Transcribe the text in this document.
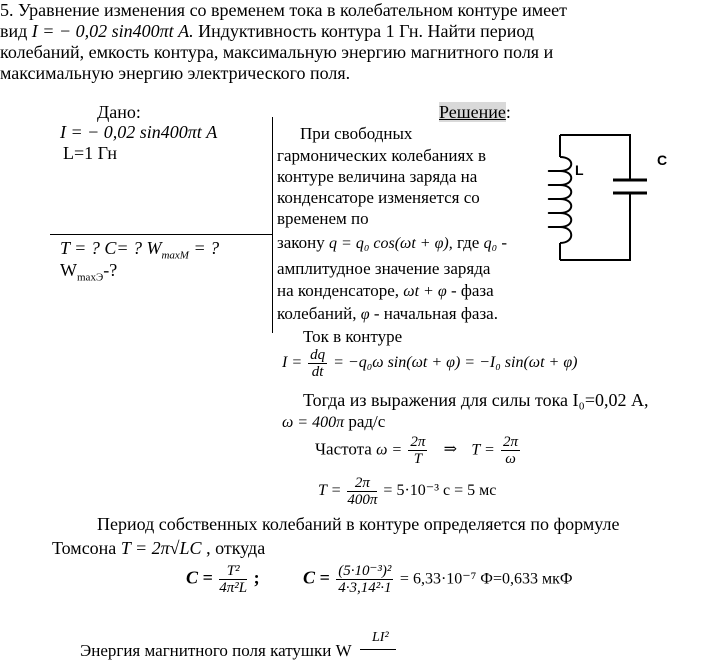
5. Уравнение изменения со временем тока в колебательном контуре имеет
вид I = − 0,02 sin400πt А. Индуктивность контура 1 Гн. Найти период
колебаний, емкость контура, максимальную энергию магнитного поля и
максимальную энергию электрического поля.
Дано:
I = − 0,02 sin400πt А
L=1 Гн
T = ? C= ? $W_{maxM}$ = ?
$W_{maxЭ}-$?
Решение:
При свободных
гармонических колебаниях в
контуре величина заряда на
конденсаторе изменяется со
временем по
закону q = q₀ cos(ωt + φ), где q₀ -
амплитудное значение заряда
на конденсаторе, ωt + φ - фаза
колебаний, φ - начальная фаза.
Ток в контуре
$I = \frac{dq}{dt} = -q_0\omega$ sin(ωt + φ) = −I₀ sin(ωt + φ)
Тогда из выражения для силы тока I₀=0,02 А,
ω = 400π рад/с
Частота $\omega = \frac{2\pi}{T}$ ⇒ $T = \frac{2\pi}{\omega}$
$T = \frac{2\pi}{400\pi} = 5\cdot 10^{-3}$ с = 5 мс
Период собственных колебаний в контуре определяется по формуле
Томсона T = 2π√LC , откуда
$C = \frac{\text{T²}}{\text{4π²L}}$ ; $C = \frac{\text{(5·10⁻³)²}}{\text{4·3,14²·1}} = 6,33\cdot 10^{-7}$ Ф=0,633 мкФ
LI²
Энергия магнитного поля катушки W
L
C
